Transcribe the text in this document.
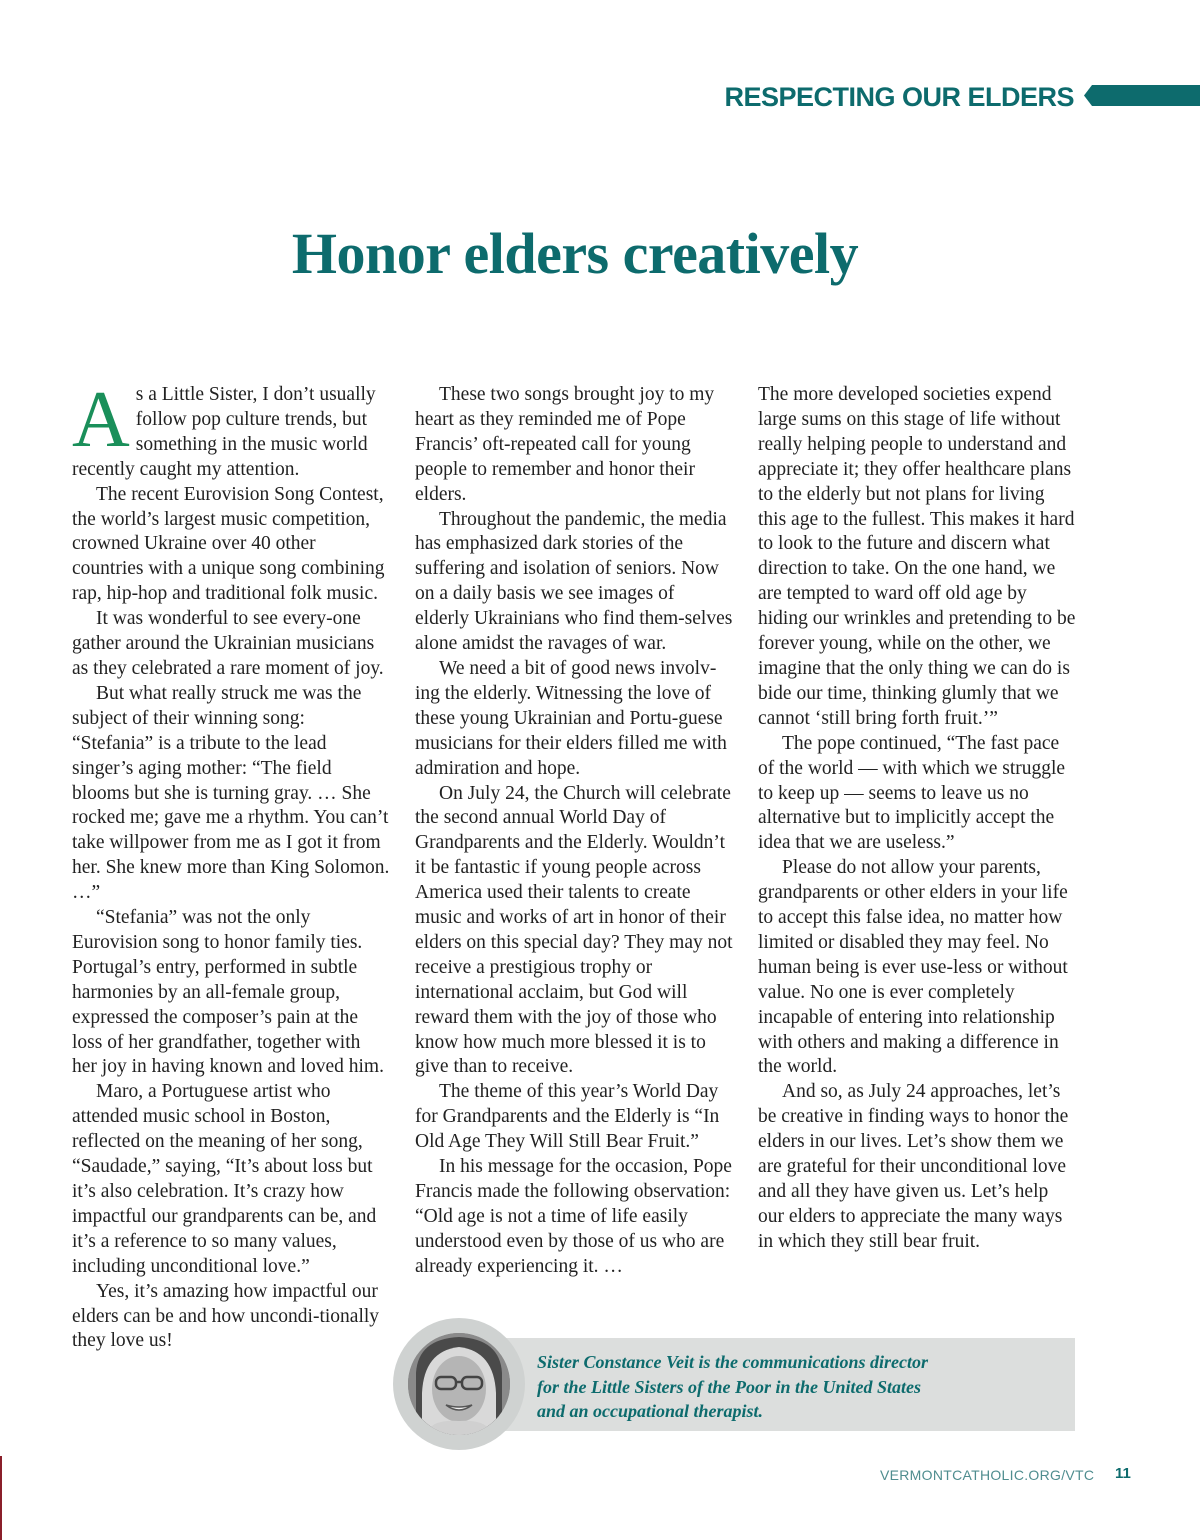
RESPECTING OUR ELDERS
Honor elders creatively

As a Little Sister, I don’t usually follow pop culture trends, but something in the music world recently caught my attention.

The recent Eurovision Song Contest, the world’s largest music competition, crowned Ukraine over 40 other countries with a unique song combining rap, hip-hop and traditional folk music.

It was wonderful to see every-one gather around the Ukrainian musicians as they celebrated a rare moment of joy.

But what really struck me was the subject of their winning song: “Stefania” is a tribute to the lead singer’s aging mother: “The field blooms but she is turning gray. … She rocked me; gave me a rhythm. You can’t take willpower from me as I got it from her. She knew more than King Solomon. …”

“Stefania” was not the only Eurovision song to honor family ties. Portugal’s entry, performed in subtle harmonies by an all-female group, expressed the composer’s pain at the loss of her grandfather, together with her joy in having known and loved him.

Maro, a Portuguese artist who attended music school in Boston, reflected on the meaning of her song, “Saudade,” saying, “It’s about loss but it’s also celebration. It’s crazy how impactful our grandparents can be, and it’s a reference to so many values, including unconditional love.”

Yes, it’s amazing how impactful our elders can be and how uncondi-tionally they love us!

These two songs brought joy to my heart as they reminded me of Pope Francis’ oft-repeated call for young people to remember and honor their elders.

Throughout the pandemic, the media has emphasized dark stories of the suffering and isolation of seniors. Now on a daily basis we see images of elderly Ukrainians who find them-selves alone amidst the ravages of war.

We need a bit of good news involv-ing the elderly. Witnessing the love of these young Ukrainian and Portu-guese musicians for their elders filled me with admiration and hope.

On July 24, the Church will celebrate the second annual World Day of Grandparents and the Elderly. Wouldn’t it be fantastic if young people across America used their talents to create music and works of art in honor of their elders on this special day? They may not receive a prestigious trophy or international acclaim, but God will reward them with the joy of those who know how much more blessed it is to give than to receive.

The theme of this year’s World Day for Grandparents and the Elderly is “In Old Age They Will Still Bear Fruit.”

In his message for the occasion, Pope Francis made the following observation: “Old age is not a time of life easily understood even by those of us who are already experiencing it. …

The more developed societies expend large sums on this stage of life without really helping people to understand and appreciate it; they offer healthcare plans to the elderly but not plans for living this age to the fullest. This makes it hard to look to the future and discern what direction to take. On the one hand, we are tempted to ward off old age by hiding our wrinkles and pretending to be forever young, while on the other, we imagine that the only thing we can do is bide our time, thinking glumly that we cannot ‘still bring forth fruit.’”

The pope continued, “The fast pace of the world — with which we struggle to keep up — seems to leave us no alternative but to implicitly accept the idea that we are useless.”

Please do not allow your parents, grandparents or other elders in your life to accept this false idea, no matter how limited or disabled they may feel. No human being is ever use-less or without value. No one is ever completely incapable of entering into relationship with others and making a difference in the world.

And so, as July 24 approaches, let’s be creative in finding ways to honor the elders in our lives. Let’s show them we are grateful for their unconditional love and all they have given us. Let’s help our elders to appreciate the many ways in which they still bear fruit.

Sister Constance Veit is the communications director
for the Little Sisters of the Poor in the United States
and an occupational therapist.
VERMONTCATHOLIC.ORG/VTC 11
